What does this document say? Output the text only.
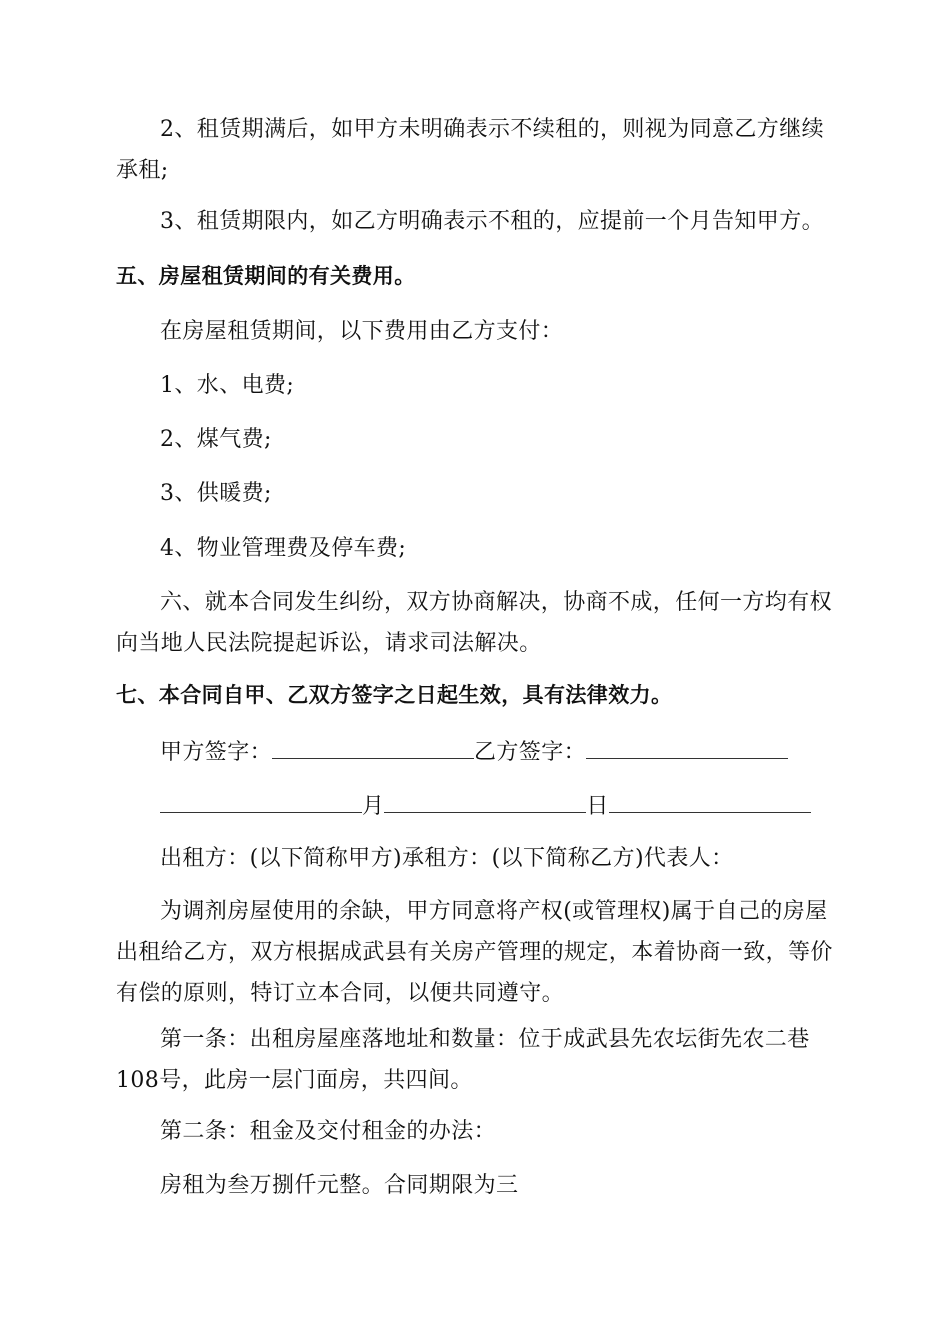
2、租赁期满后，如甲方未明确表示不续租的，则视为同意乙方继续
承租;

3、租赁期限内，如乙方明确表示不租的，应提前一个月告知甲方。

五、房屋租赁期间的有关费用。

在房屋租赁期间，以下费用由乙方支付：

1、水、电费;

2、煤气费;

3、供暖费;

4、物业管理费及停车费;

六、就本合同发生纠纷，双方协商解决，协商不成，任何一方均有权
向当地人民法院提起诉讼，请求司法解决。

七、本合同自甲、乙双方签字之日起生效，具有法律效力。

甲方签字：	乙方签字：
月	日

出租方：(以下简称甲方)承租方：(以下简称乙方)代表人：

为调剂房屋使用的余缺，甲方同意将产权(或管理权)属于自己的房屋
出租给乙方，双方根据成武县有关房产管理的规定，本着协商一致，等价
有偿的原则，特订立本合同，以便共同遵守。

第一条：出租房屋座落地址和数量：位于成武县先农坛街先农二巷
108号，此房一层门面房，共四间。

第二条：租金及交付租金的办法：

房租为叁万捌仟元整。合同期限为三
